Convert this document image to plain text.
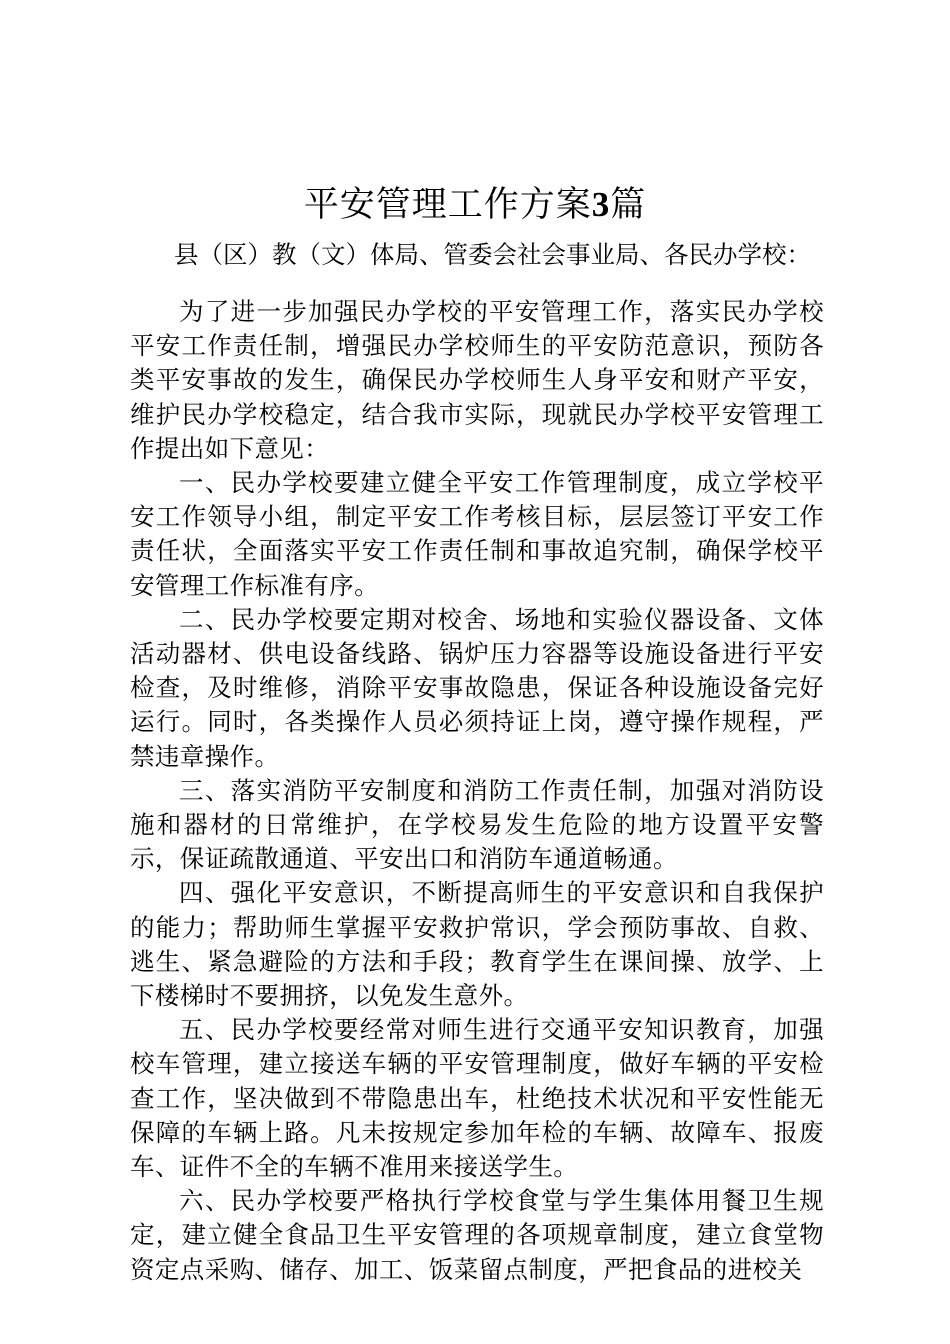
平安管理工作方案3篇

县（区）教（文）体局、管委会社会事业局、各民办学校：

为了进一步加强民办学校的平安管理工作，落实民办学校平安工作责任制，增强民办学校师生的平安防范意识，预防各类平安事故的发生，确保民办学校师生人身平安和财产平安，维护民办学校稳定，结合我市实际，现就民办学校平安管理工作提出如下意见：

一、民办学校要建立健全平安工作管理制度，成立学校平安工作领导小组，制定平安工作考核目标，层层签订平安工作责任状，全面落实平安工作责任制和事故追究制，确保学校平安管理工作标准有序。

二、民办学校要定期对校舍、场地和实验仪器设备、文体活动器材、供电设备线路、锅炉压力容器等设施设备进行平安检查，及时维修，消除平安事故隐患，保证各种设施设备完好运行。同时，各类操作人员必须持证上岗，遵守操作规程，严禁违章操作。

三、落实消防平安制度和消防工作责任制，加强对消防设施和器材的日常维护，在学校易发生危险的地方设置平安警示，保证疏散通道、平安出口和消防车通道畅通。

四、强化平安意识，不断提高师生的平安意识和自我保护的能力；帮助师生掌握平安救护常识，学会预防事故、自救、逃生、紧急避险的方法和手段；教育学生在课间操、放学、上下楼梯时不要拥挤，以免发生意外。

五、民办学校要经常对师生进行交通平安知识教育，加强校车管理，建立接送车辆的平安管理制度，做好车辆的平安检查工作，坚决做到不带隐患出车，杜绝技术状况和平安性能无保障的车辆上路。凡未按规定参加年检的车辆、故障车、报废车、证件不全的车辆不准用来接送学生。

六、民办学校要严格执行学校食堂与学生集体用餐卫生规定，建立健全食品卫生平安管理的各项规章制度，建立食堂物资定点采购、储存、加工、饭菜留点制度，严把食品的进校关
